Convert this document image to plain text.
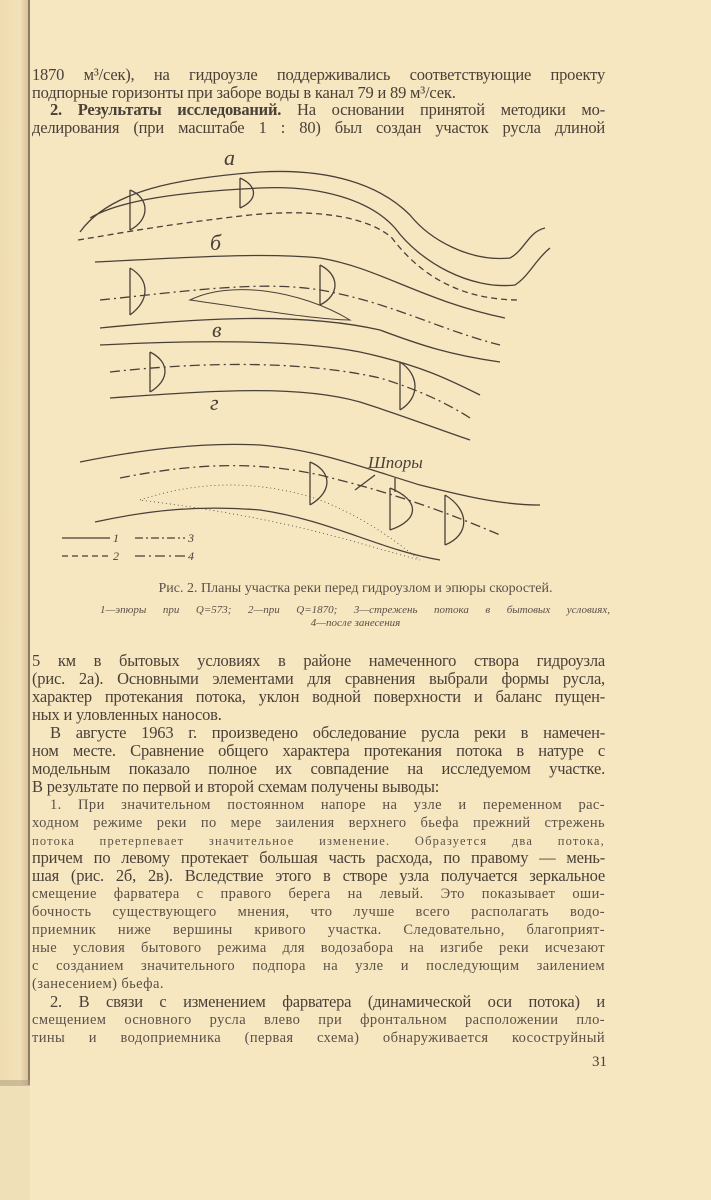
1870 м³/сек), на гидроузле поддерживались соответствующие проекту
подпорные горизонты при заборе воды в канал 79 и 89 м³/сек.
2. Результаты исследований. На основании принятой методики мо-
делирования (при масштабе 1 : 80) был создан участок русла длиной
а
б
в
г
Шпоры
1
2
3
4
Рис. 2. Планы участка реки перед гидроузлом и эпюры скоростей.
1—эпюры при Q=573; 2—при Q=1870; 3—стрежень потока в бытовых условиях,
4—после занесения
5 км в бытовых условиях в районе намеченного створа гидроузла
(рис. 2а). Основными элементами для сравнения выбрали формы русла,
характер протекания потока, уклон водной поверхности и баланс пущен-
ных и уловленных наносов.
В августе 1963 г. произведено обследование русла реки в намечен-
ном месте. Сравнение общего характера протекания потока в натуре с
модельным показало полное их совпадение на исследуемом участке.
В результате по первой и второй схемам получены выводы:
1. При значительном постоянном напоре на узле и переменном рас-
ходном режиме реки по мере заиления верхнего бьефа прежний стрежень
потока претерпевает значительное изменение. Образуется два потока,
причем по левому протекает большая часть расхода, по правому — мень-
шая (рис. 2б, 2в). Вследствие этого в створе узла получается зеркальное
смещение фарватера с правого берега на левый. Это показывает оши-
бочность существующего мнения, что лучше всего располагать водо-
приемник ниже вершины кривого участка. Следовательно, благоприят-
ные условия бытового режима для водозабора на изгибе реки исчезают
с созданием значительного подпора на узле и последующим заилением
(занесением) бьефа.
2. В связи с изменением фарватера (динамической оси потока) и
смещением основного русла влево при фронтальном расположении пло-
тины и водоприемника (первая схема) обнаруживается косоструйный
31
